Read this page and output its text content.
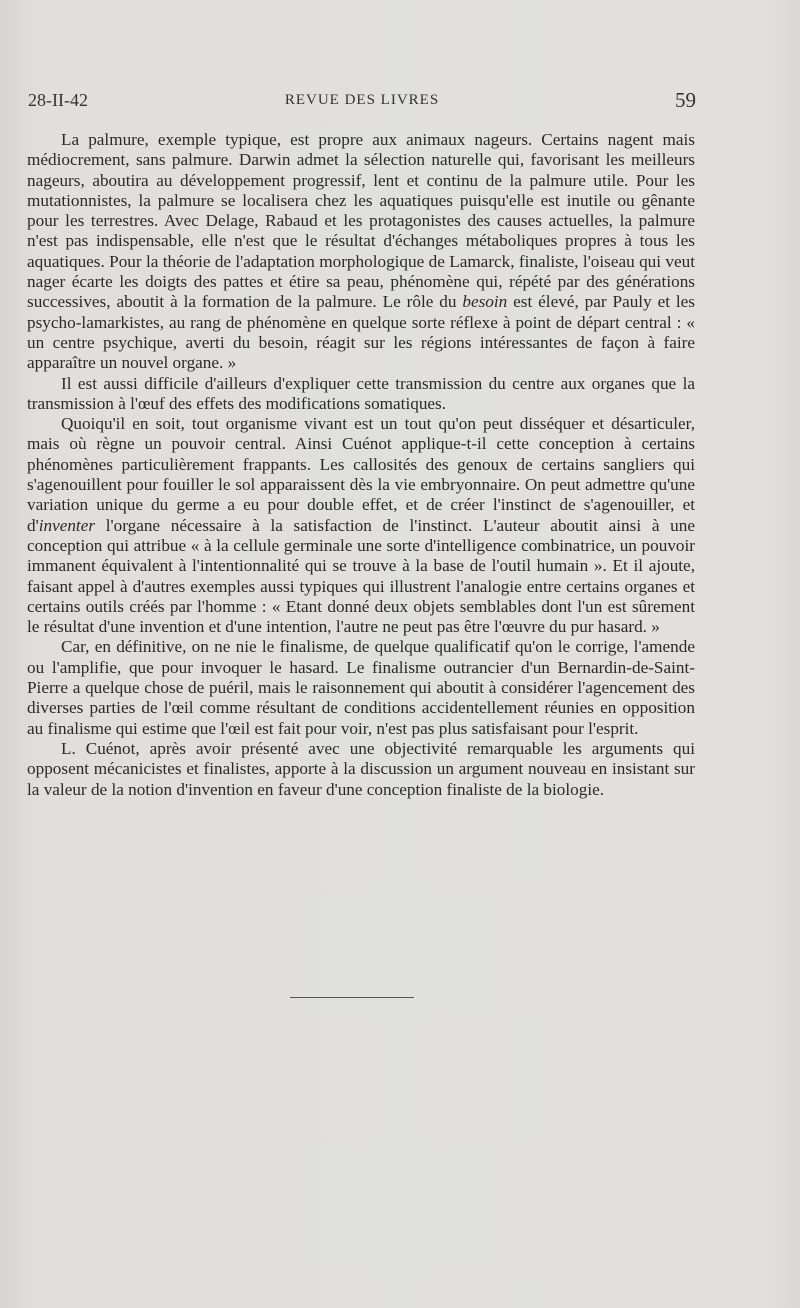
28-II-42	REVUE DES LIVRES	59

La palmure, exemple typique, est propre aux animaux nageurs. Certains nagent mais médiocrement, sans palmure. Darwin admet la sélection naturelle qui, favorisant les meilleurs nageurs, aboutira au développement progressif, lent et continu de la palmure utile. Pour les mutationnistes, la palmure se localisera chez les aquatiques puisqu'elle est inutile ou gênante pour les terrestres. Avec Delage, Rabaud et les protagonistes des causes actuelles, la palmure n'est pas indispensable, elle n'est que le résultat d'échanges métaboliques propres à tous les aquatiques. Pour la théorie de l'adaptation morphologique de Lamarck, finaliste, l'oiseau qui veut nager écarte les doigts des pattes et étire sa peau, phénomène qui, répété par des générations successives, aboutit à la formation de la palmure. Le rôle du besoin est élevé, par Pauly et les psycho-lamarkistes, au rang de phénomène en quelque sorte réflexe à point de départ central : « un centre psychique, averti du besoin, réagit sur les régions intéressantes de façon à faire apparaître un nouvel organe. »

Il est aussi difficile d'ailleurs d'expliquer cette transmission du centre aux organes que la transmission à l'œuf des effets des modifications somatiques.

Quoiqu'il en soit, tout organisme vivant est un tout qu'on peut disséquer et désarticuler, mais où règne un pouvoir central. Ainsi Cuénot applique-t-il cette conception à certains phénomènes particulièrement frappants. Les callosités des genoux de certains sangliers qui s'agenouillent pour fouiller le sol apparaissent dès la vie embryonnaire. On peut admettre qu'une variation unique du germe a eu pour double effet, et de créer l'instinct de s'agenouiller, et d'inventer l'organe nécessaire à la satisfaction de l'instinct. L'auteur aboutit ainsi à une conception qui attribue « à la cellule germinale une sorte d'intelligence combinatrice, un pouvoir immanent équivalent à l'intentionnalité qui se trouve à la base de l'outil humain ». Et il ajoute, faisant appel à d'autres exemples aussi typiques qui illustrent l'analogie entre certains organes et certains outils créés par l'homme : « Etant donné deux objets semblables dont l'un est sûrement le résultat d'une invention et d'une intention, l'autre ne peut pas être l'œuvre du pur hasard. »

Car, en définitive, on ne nie le finalisme, de quelque qualificatif qu'on le corrige, l'amende ou l'amplifie, que pour invoquer le hasard. Le finalisme outrancier d'un Bernardin-de-Saint-Pierre a quelque chose de puéril, mais le raisonnement qui aboutit à considérer l'agencement des diverses parties de l'œil comme résultant de conditions accidentellement réunies en opposition au finalisme qui estime que l'œil est fait pour voir, n'est pas plus satisfaisant pour l'esprit.

L. Cuénot, après avoir présenté avec une objectivité remarquable les arguments qui opposent mécanicistes et finalistes, apporte à la discussion un argument nouveau en insistant sur la valeur de la notion d'invention en faveur d'une conception finaliste de la biologie.
